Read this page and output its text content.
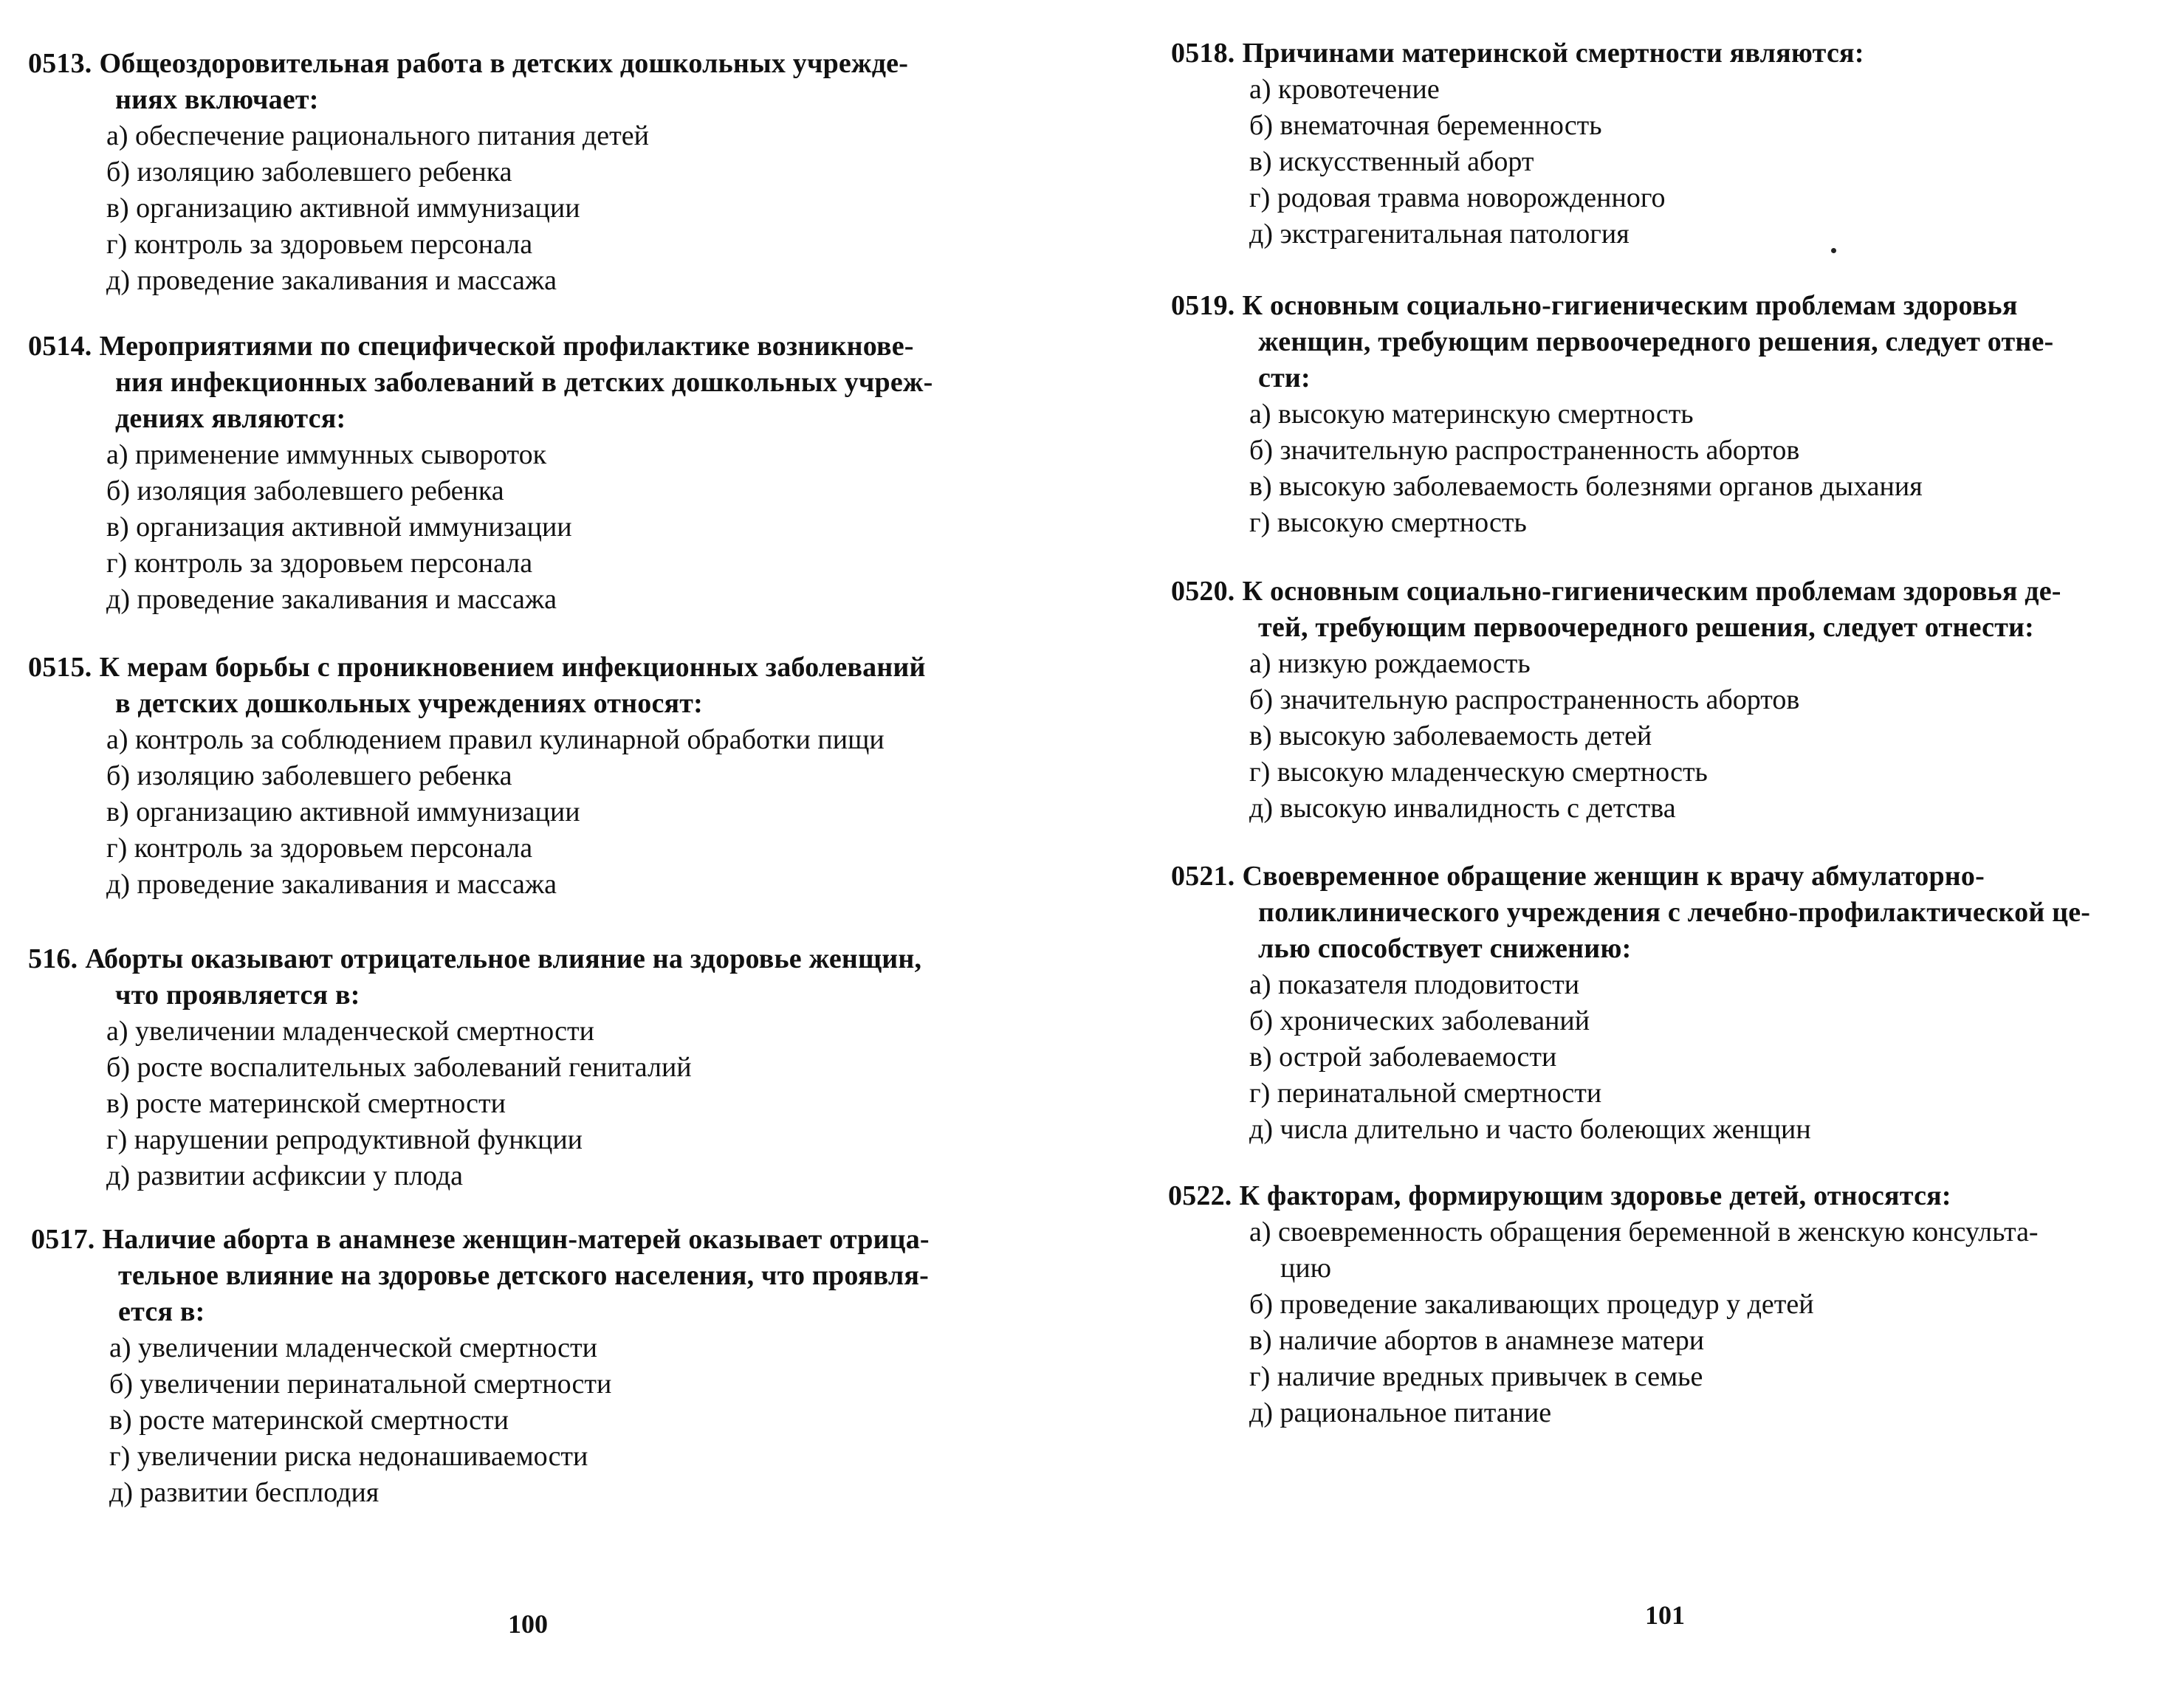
0513. Общеоздоровительная работа в детских дошкольных учрежде-
ниях включает:

а) обеспечение рационального питания детей
б) изоляцию заболевшего ребенка
в) организацию активной иммунизации
г) контроль за здоровьем персонала
д) проведение закаливания и массажа

0514. Мероприятиями по специфической профилактике возникнове-
ния инфекционных заболеваний в детских дошкольных учреж-
дениях являются:

а) применение иммунных сывороток
б) изоляция заболевшего ребенка
в) организация активной иммунизации
г) контроль за здоровьем персонала
д) проведение закаливания и массажа

0515. К мерам борьбы с проникновением инфекционных заболеваний
в детских дошкольных учреждениях относят:

а) контроль за соблюдением правил кулинарной обработки пищи
б) изоляцию заболевшего ребенка
в) организацию активной иммунизации
г) контроль за здоровьем персонала
д) проведение закаливания и массажа

516. Аборты оказывают отрицательное влияние на здоровье женщин,
что проявляется в:

а) увеличении младенческой смертности
б) росте воспалительных заболеваний гениталий
в) росте материнской смертности
г) нарушении репродуктивной функции
д) развитии асфиксии у плода

0517. Наличие аборта в анамнезе женщин-матерей оказывает отрица-
тельное влияние на здоровье детского населения, что проявля-
ется в:

а) увеличении младенческой смертности
б) увеличении перинатальной смертности
в) росте материнской смертности
г) увеличении риска недонашиваемости
д) развитии бесплодия
100

0518. Причинами материнской смертности являются:

а) кровотечение
б) внематочная беременность
в) искусственный аборт
г) родовая травма новорожденного
д) экстрагенитальная патология

0519. К основным социально-гигиеническим проблемам здоровья
женщин, требующим первоочередного решения, следует отне-
сти:

а) высокую материнскую смертность
б) значительную распространенность абортов
в) высокую заболеваемость болезнями органов дыхания
г) высокую смертность

0520. К основным социально-гигиеническим проблемам здоровья де-
тей, требующим первоочередного решения, следует отнести:

а) низкую рождаемость
б) значительную распространенность абортов
в) высокую заболеваемость детей
г) высокую младенческую смертность
д) высокую инвалидность с детства

0521. Своевременное обращение женщин к врачу абмулаторно-
поликлинического учреждения с лечебно-профилактической це-
лью способствует снижению:

а) показателя плодовитости
б) хронических заболеваний
в) острой заболеваемости
г) перинатальной смертности
д) числа длительно и часто болеющих женщин

0522. К факторам, формирующим здоровье детей, относятся:

а) своевременность обращения беременной в женскую консульта-
цию
б) проведение закаливающих процедур у детей
в) наличие абортов в анамнезе матери
г) наличие вредных привычек в семье
д) рациональное питание
101
